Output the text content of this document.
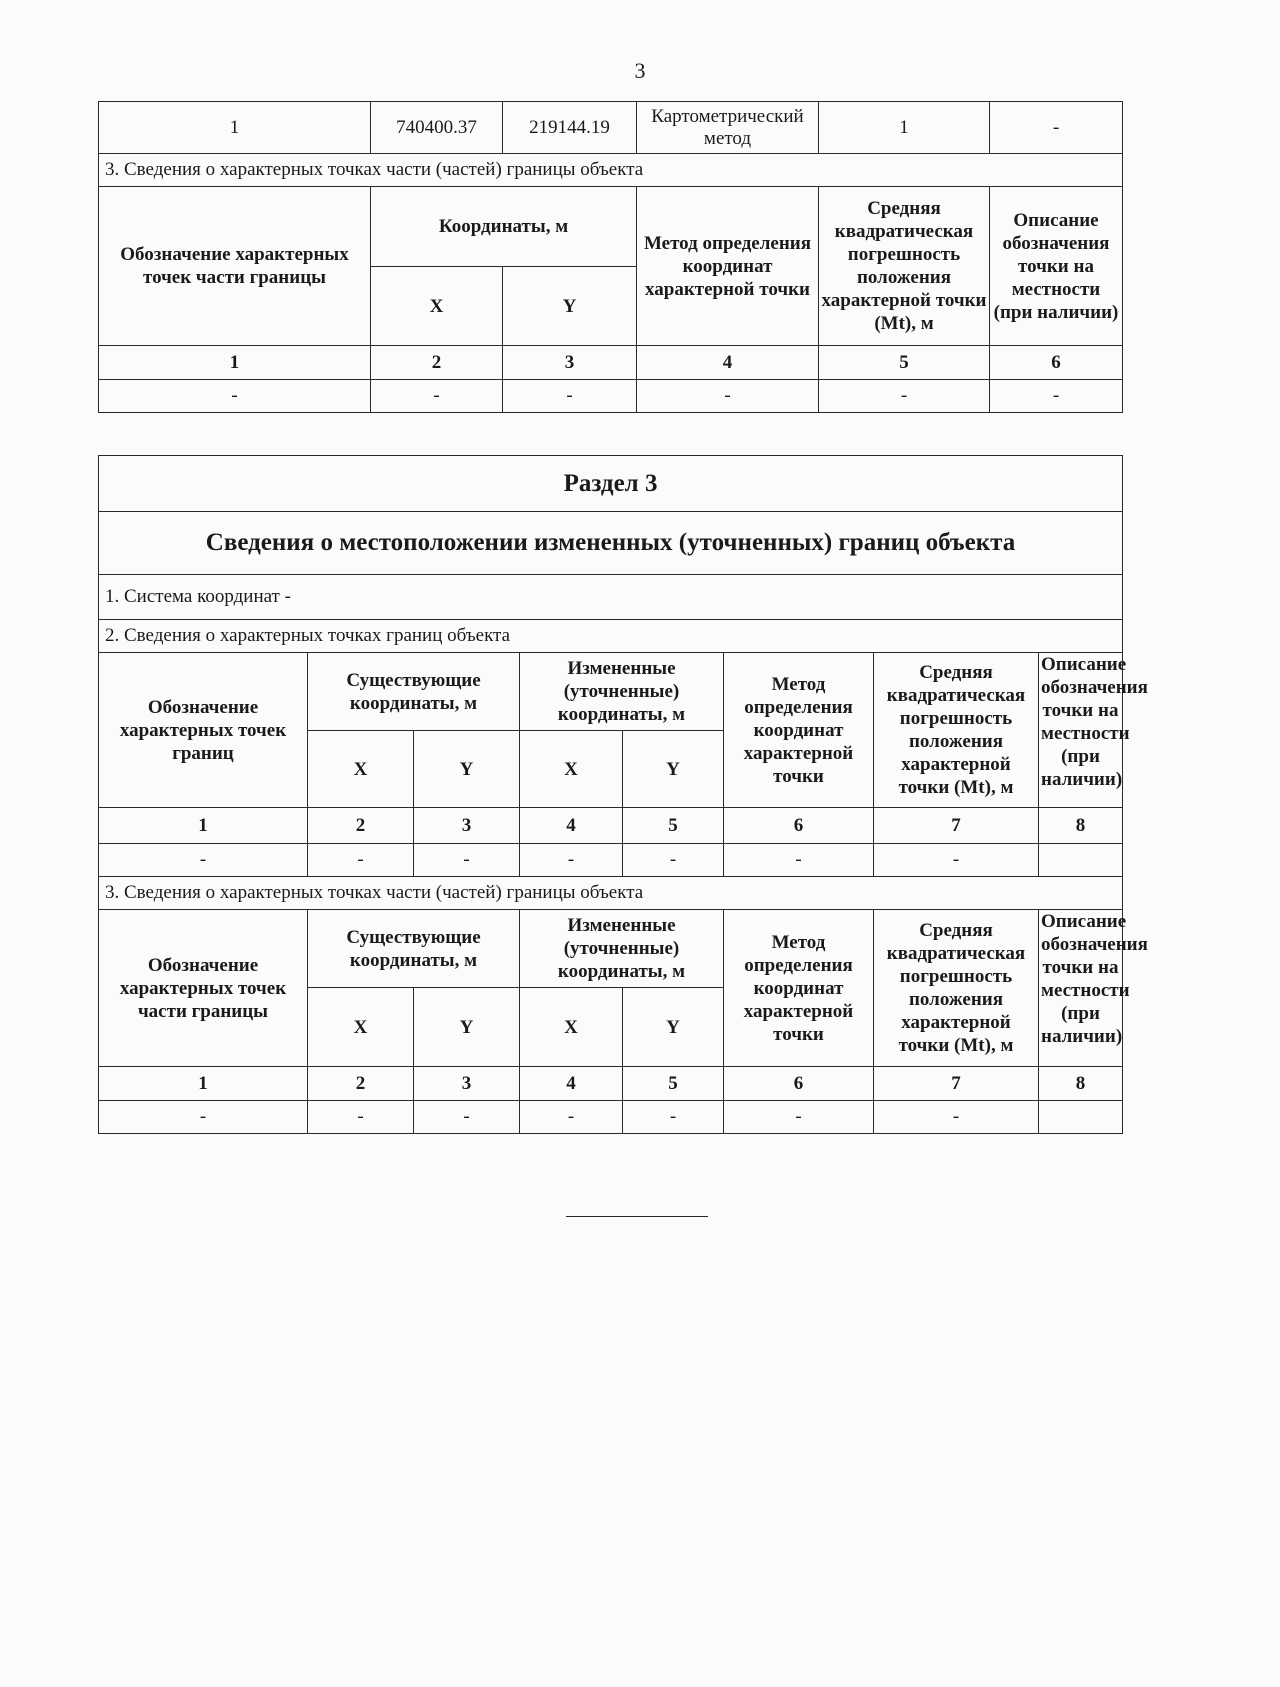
3
1	740400.37	219144.19	Картометрический метод	1	-
3. Сведения о характерных точках части (частей) границы объекта					
Обозначение характерных точек части границы	Координаты, м		Метод определения координат характерной точки	Средняя квадратическая погрешность положения характерной точки (Mt), м	Описание обозначения точки на местности (при наличии)
	X	Y			
1	2	3	4	5	6
-	-	-	-	-	-
Раздел 3							
Сведения о местоположении измененных (уточненных) границ объекта							
1. Система координат -							
2. Сведения о характерных точках границ объекта							
Обозначение характерных точек границ	Существующие координаты, м		Измененные (уточненные) координаты, м		Метод определения координат характерной точки	Средняя квадратическая погрешность положения характерной точки (Mt), м	Описание обозначения точки на местности (при наличии)

	X	Y	X	Y			
1	2	3	4	5	6	7	8
-	-	-	-	-	-	-	
3. Сведения о характерных точках части (частей) границы объекта							
Обозначение характерных точек части границы	Существующие координаты, м		Измененные (уточненные) координаты, м		Метод определения координат характерной точки	Средняя квадратическая погрешность положения характерной точки (Mt), м	Описание обозначения точки на местности (при наличии)

	X	Y	X	Y			
1	2	3	4	5	6	7	8
-	-	-	-	-	-	-	
